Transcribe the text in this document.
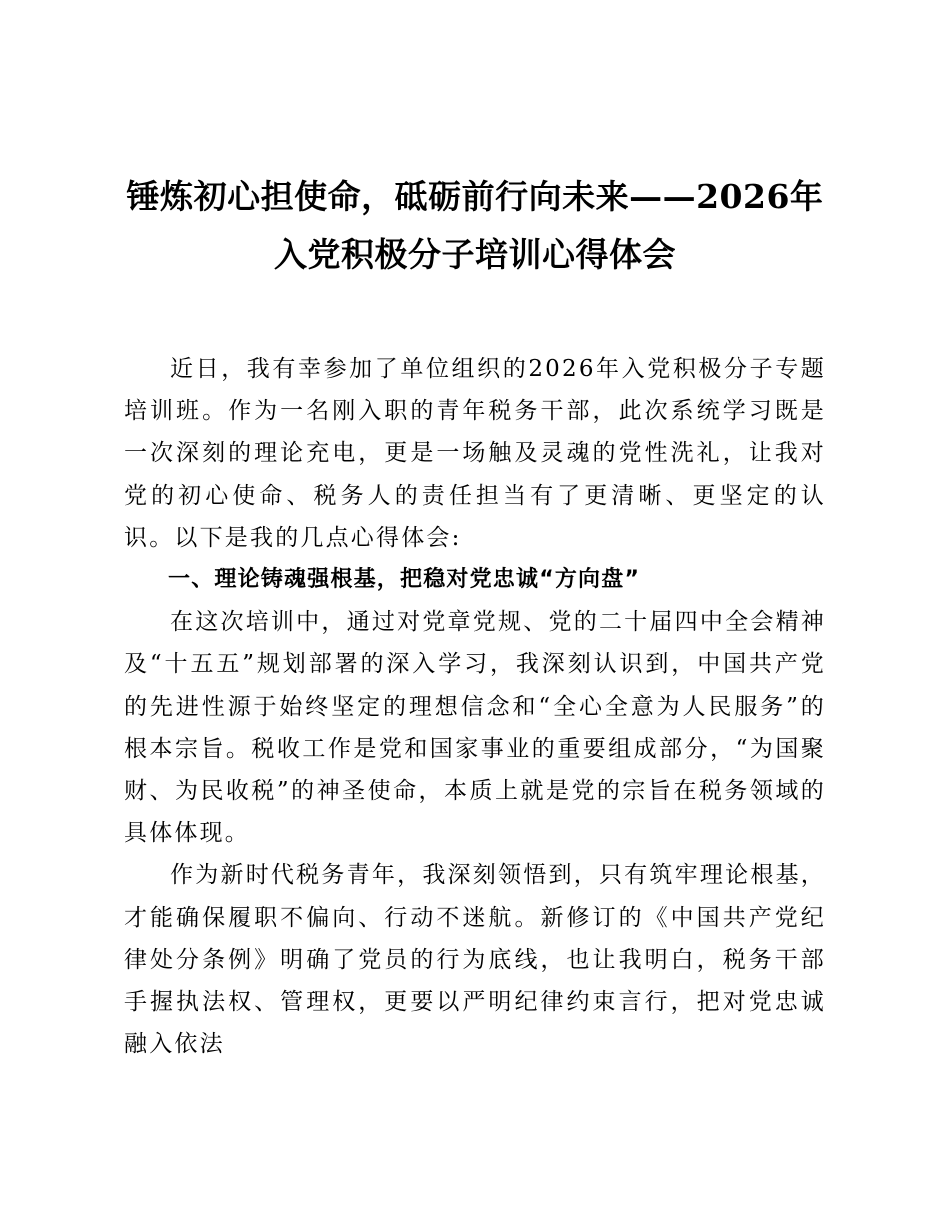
锤炼初心担使命，砥砺前行向未来——2026年
入党积极分子培训心得体会

近日，我有幸参加了单位组织的2026年入党积极分子专题培训班。作为一名刚入职的青年税务干部，此次系统学习既是一次深刻的理论充电，更是一场触及灵魂的党性洗礼，让我对党的初心使命、税务人的责任担当有了更清晰、更坚定的认识。以下是我的几点心得体会:

一、理论铸魂强根基，把稳对党忠诚“方向盘”

在这次培训中，通过对党章党规、党的二十届四中全会精神及“十五五”规划部署的深入学习，我深刻认识到，中国共产党的先进性源于始终坚定的理想信念和“全心全意为人民服务”的根本宗旨。税收工作是党和国家事业的重要组成部分，“为国聚财、为民收税”的神圣使命，本质上就是党的宗旨在税务领域的具体体现。

作为新时代税务青年，我深刻领悟到，只有筑牢理论根基，才能确保履职不偏向、行动不迷航。新修订的《中国共产党纪律处分条例》明确了党员的行为底线，也让我明白，税务干部手握执法权、管理权，更要以严明纪律约束言行，把对党忠诚融入依法
